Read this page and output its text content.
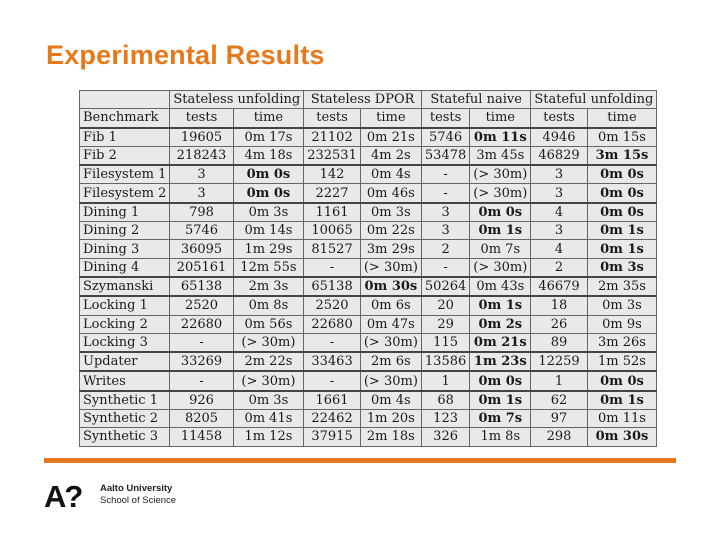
Experimental Results
	Stateless unfolding		Stateless DPOR		Stateful naive		Stateful unfolding	
Benchmark	tests	time	tests	time	tests	time	tests	time
Fib 1	19605	0m 17s	21102	0m 21s	5746	0m 11s	4946	0m 15s
Fib 2	218243	4m 18s	232531	4m 2s	53478	3m 45s	46829	3m 15s
Filesystem 1	3	0m 0s	142	0m 4s	-	(> 30m)	3	0m 0s
Filesystem 2	3	0m 0s	2227	0m 46s	-	(> 30m)	3	0m 0s
Dining 1	798	0m 3s	1161	0m 3s	3	0m 0s	4	0m 0s
Dining 2	5746	0m 14s	10065	0m 22s	3	0m 1s	3	0m 1s
Dining 3	36095	1m 29s	81527	3m 29s	2	0m 7s	4	0m 1s
Dining 4	205161	12m 55s	-	(> 30m)	-	(> 30m)	2	0m 3s
Szymanski	65138	2m 3s	65138	0m 30s	50264	0m 43s	46679	2m 35s
Locking 1	2520	0m 8s	2520	0m 6s	20	0m 1s	18	0m 3s
Locking 2	22680	0m 56s	22680	0m 47s	29	0m 2s	26	0m 9s
Locking 3	-	(> 30m)	-	(> 30m)	115	0m 21s	89	3m 26s
Updater	33269	2m 22s	33463	2m 6s	13586	1m 23s	12259	1m 52s
Writes	-	(> 30m)	-	(> 30m)	1	0m 0s	1	0m 0s
Synthetic 1	926	0m 3s	1661	0m 4s	68	0m 1s	62	0m 1s
Synthetic 2	8205	0m 41s	22462	1m 20s	123	0m 7s	97	0m 11s
Synthetic 3	11458	1m 12s	37915	2m 18s	326	1m 8s	298	0m 30s
A? Aalto University
School of Science
